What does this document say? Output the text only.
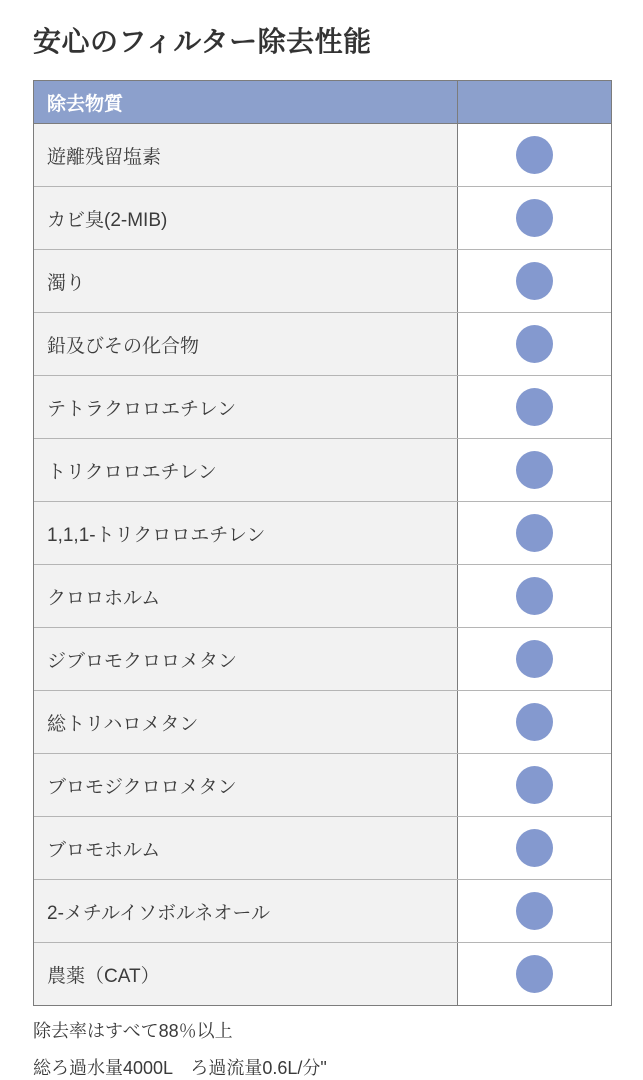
安心のフィルター除去性能
除去物質
遊離残留塩素
カビ臭(2-MIB)
濁り
鉛及びその化合物
テトラクロロエチレン
トリクロロエチレン
1,1,1-トリクロロエチレン
クロロホルム
ジブロモクロロメタン
総トリハロメタン
ブロモジクロロメタン
ブロモホルム
2-メチルイソボルネオール
農薬（CAT）

除去率はすべて88％以上

総ろ過水量4000L　ろ過流量0.6L/分"
